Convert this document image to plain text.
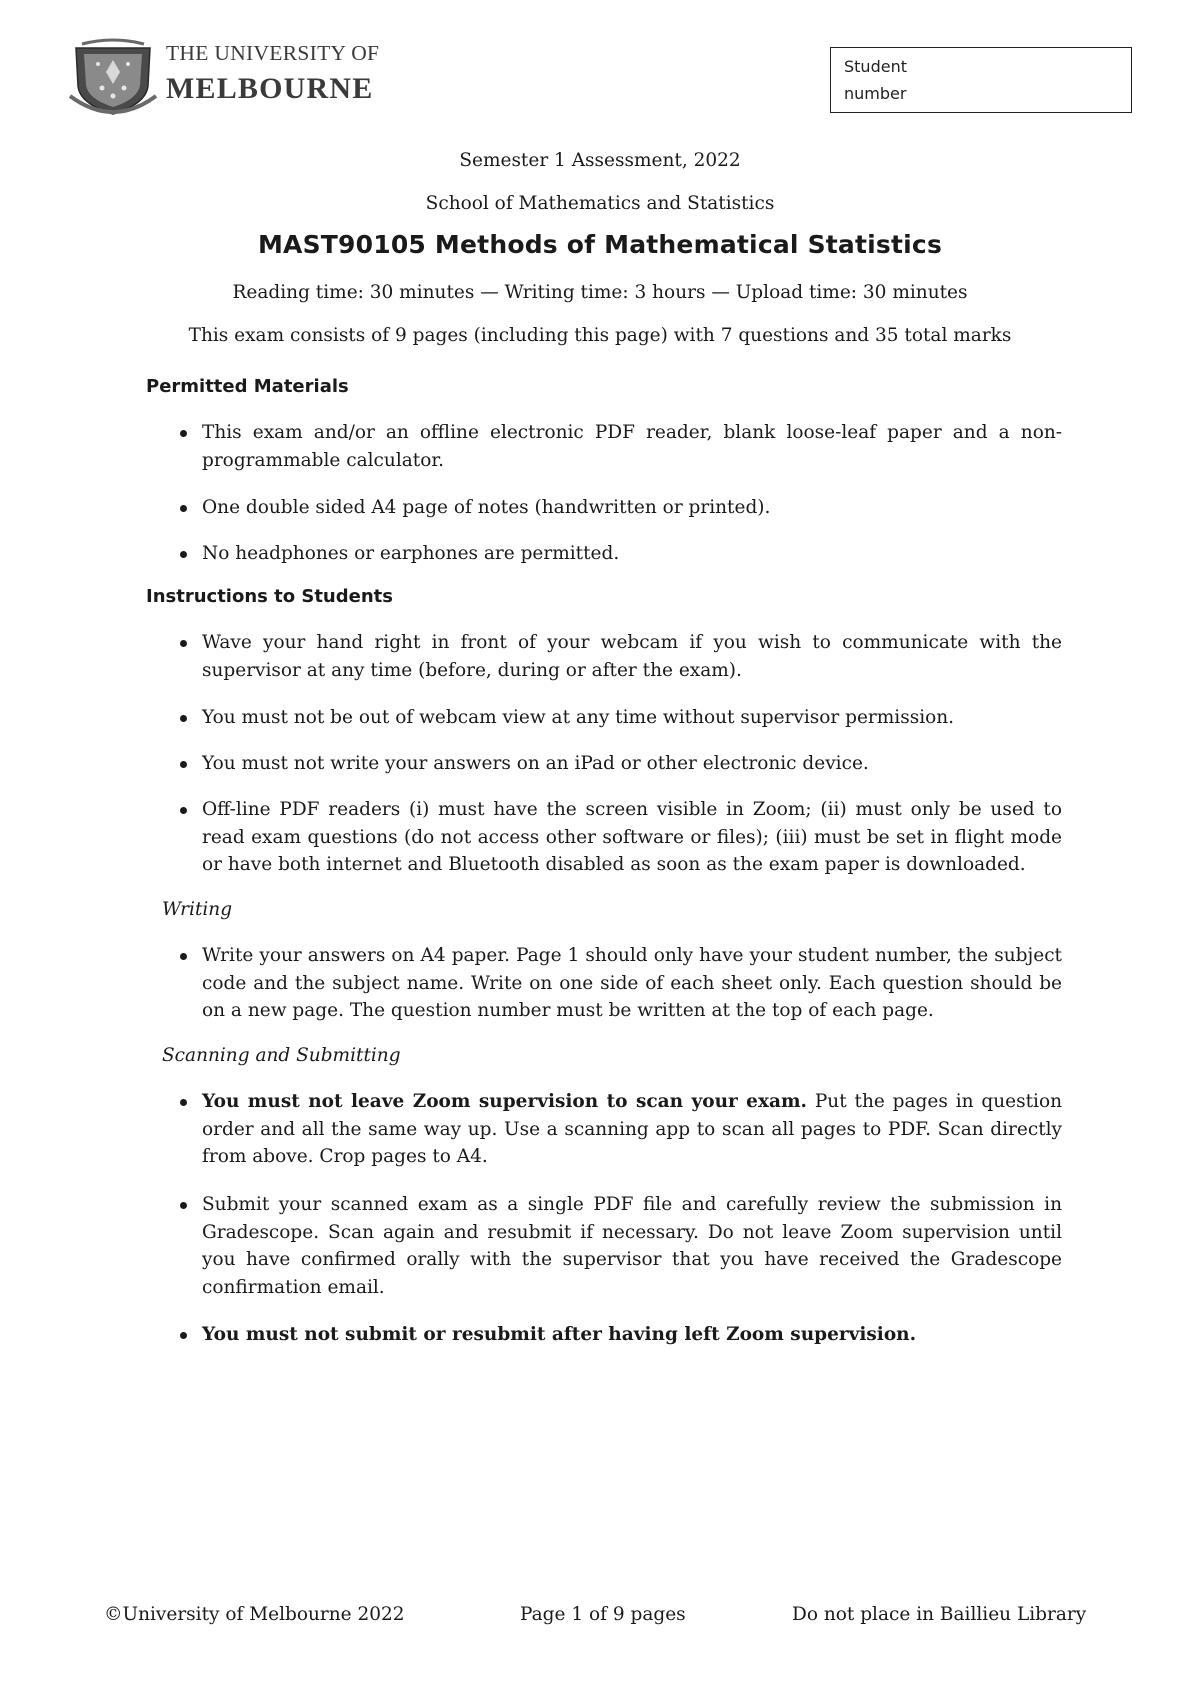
THE UNIVERSITY OF
MELBOURNE
Student
number
Semester 1 Assessment, 2022
School of Mathematics and Statistics
MAST90105 Methods of Mathematical Statistics
Reading time: 30 minutes — Writing time: 3 hours — Upload time: 30 minutes
This exam consists of 9 pages (including this page) with 7 questions and 35 total marks
Permitted Materials
This exam and/or an offline electronic PDF reader, blank loose-leaf paper and a non-programmable calculator.
One double sided A4 page of notes (handwritten or printed).
No headphones or earphones are permitted.
Instructions to Students
Wave your hand right in front of your webcam if you wish to communicate with the supervisor at any time (before, during or after the exam).
You must not be out of webcam view at any time without supervisor permission.
You must not write your answers on an iPad or other electronic device.
Off-line PDF readers (i) must have the screen visible in Zoom; (ii) must only be used to read exam questions (do not access other software or files); (iii) must be set in flight mode or have both internet and Bluetooth disabled as soon as the exam paper is downloaded.
Writing
Write your answers on A4 paper. Page 1 should only have your student number, the subject code and the subject name. Write on one side of each sheet only. Each question should be on a new page. The question number must be written at the top of each page.
Scanning and Submitting
You must not leave Zoom supervision to scan your exam. Put the pages in question order and all the same way up. Use a scanning app to scan all pages to PDF. Scan directly from above. Crop pages to A4.
Submit your scanned exam as a single PDF file and carefully review the submission in Gradescope. Scan again and resubmit if necessary. Do not leave Zoom supervision until you have confirmed orally with the supervisor that you have received the Gradescope confirmation email.
You must not submit or resubmit after having left Zoom supervision.
©University of Melbourne 2022	Page 1 of 9 pages	Do not place in Baillieu Library
